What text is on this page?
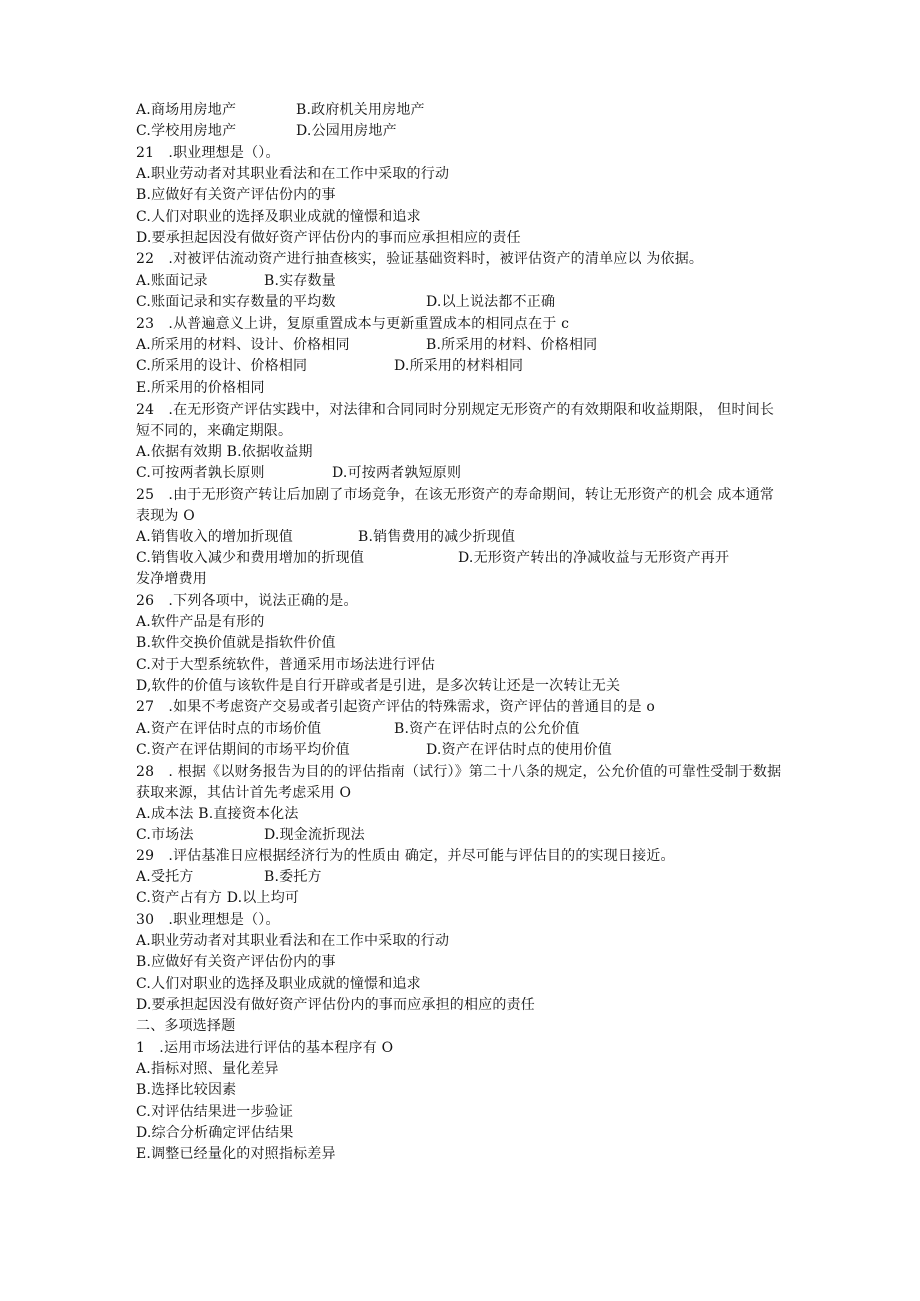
A.商场用房地产	B.政府机关用房地产
C.学校用房地产	D.公园用房地产
21　.职业理想是（）。
A.职业劳动者对其职业看法和在工作中采取的行动
B.应做好有关资产评估份内的事
C.人们对职业的选择及职业成就的憧憬和追求
D.要承担起因没有做好资产评估份内的事而应承担相应的责任
22　.对被评估流动资产进行抽查核实，验证基础资料时，被评估资产的清单应以 为依据。
A.账面记录	B.实存数量
C.账面记录和实存数量的平均数	D.以上说法都不正确
23　.从普遍意义上讲，复原重置成本与更新重置成本的相同点在于 c
A.所采用的材料、设计、价格相同	B.所采用的材料、价格相同
C.所采用的设计、价格相同	D.所采用的材料相同
E.所采用的价格相同
24　.在无形资产评估实践中，对法律和合同同时分别规定无形资产的有效期限和收益期限， 但时间长短不同的，来确定期限。
A.依据有效期 B.依据收益期
C.可按两者孰长原则	D.可按两者孰短原则
25　.由于无形资产转让后加剧了市场竞争，在该无形资产的寿命期间，转让无形资产的机会 成本通常表现为 O
A.销售收入的增加折现值	B.销售费用的减少折现值
C.销售收入减少和费用增加的折现值	D.无形资产转出的净减收益与无形资产再开
发净增费用
26　.下列各项中，说法正确的是。
A.软件产品是有形的
B.软件交换价值就是指软件价值
C.对于大型系统软件，普通采用市场法进行评估
D,软件的价值与该软件是自行开辟或者是引进，是多次转让还是一次转让无关
27　.如果不考虑资产交易或者引起资产评估的特殊需求，资产评估的普通目的是 o
A.资产在评估时点的市场价值	B.资产在评估时点的公允价值
C.资产在评估期间的市场平均价值	D.资产在评估时点的使用价值
28　. 根据《以财务报告为目的的评估指南（试行）》第二十八条的规定，公允价值的可靠性受制于数据获取来源，其估计首先考虑采用 O
A.成本法 B.直接资本化法
C.市场法	D.现金流折现法
29　.评估基准日应根据经济行为的性质由 确定，并尽可能与评估目的的实现日接近。
A.受托方	B.委托方
C.资产占有方 D.以上均可
30　.职业理想是（）。
A.职业劳动者对其职业看法和在工作中采取的行动
B.应做好有关资产评估份内的事
C.人们对职业的选择及职业成就的憧憬和追求
D.要承担起因没有做好资产评估份内的事而应承担的相应的责任
二、多项选择题
1　.运用市场法进行评估的基本程序有 O
A.指标对照、量化差异
B.选择比较因素
C.对评估结果进一步验证
D.综合分析确定评估结果
E.调整已经量化的对照指标差异
